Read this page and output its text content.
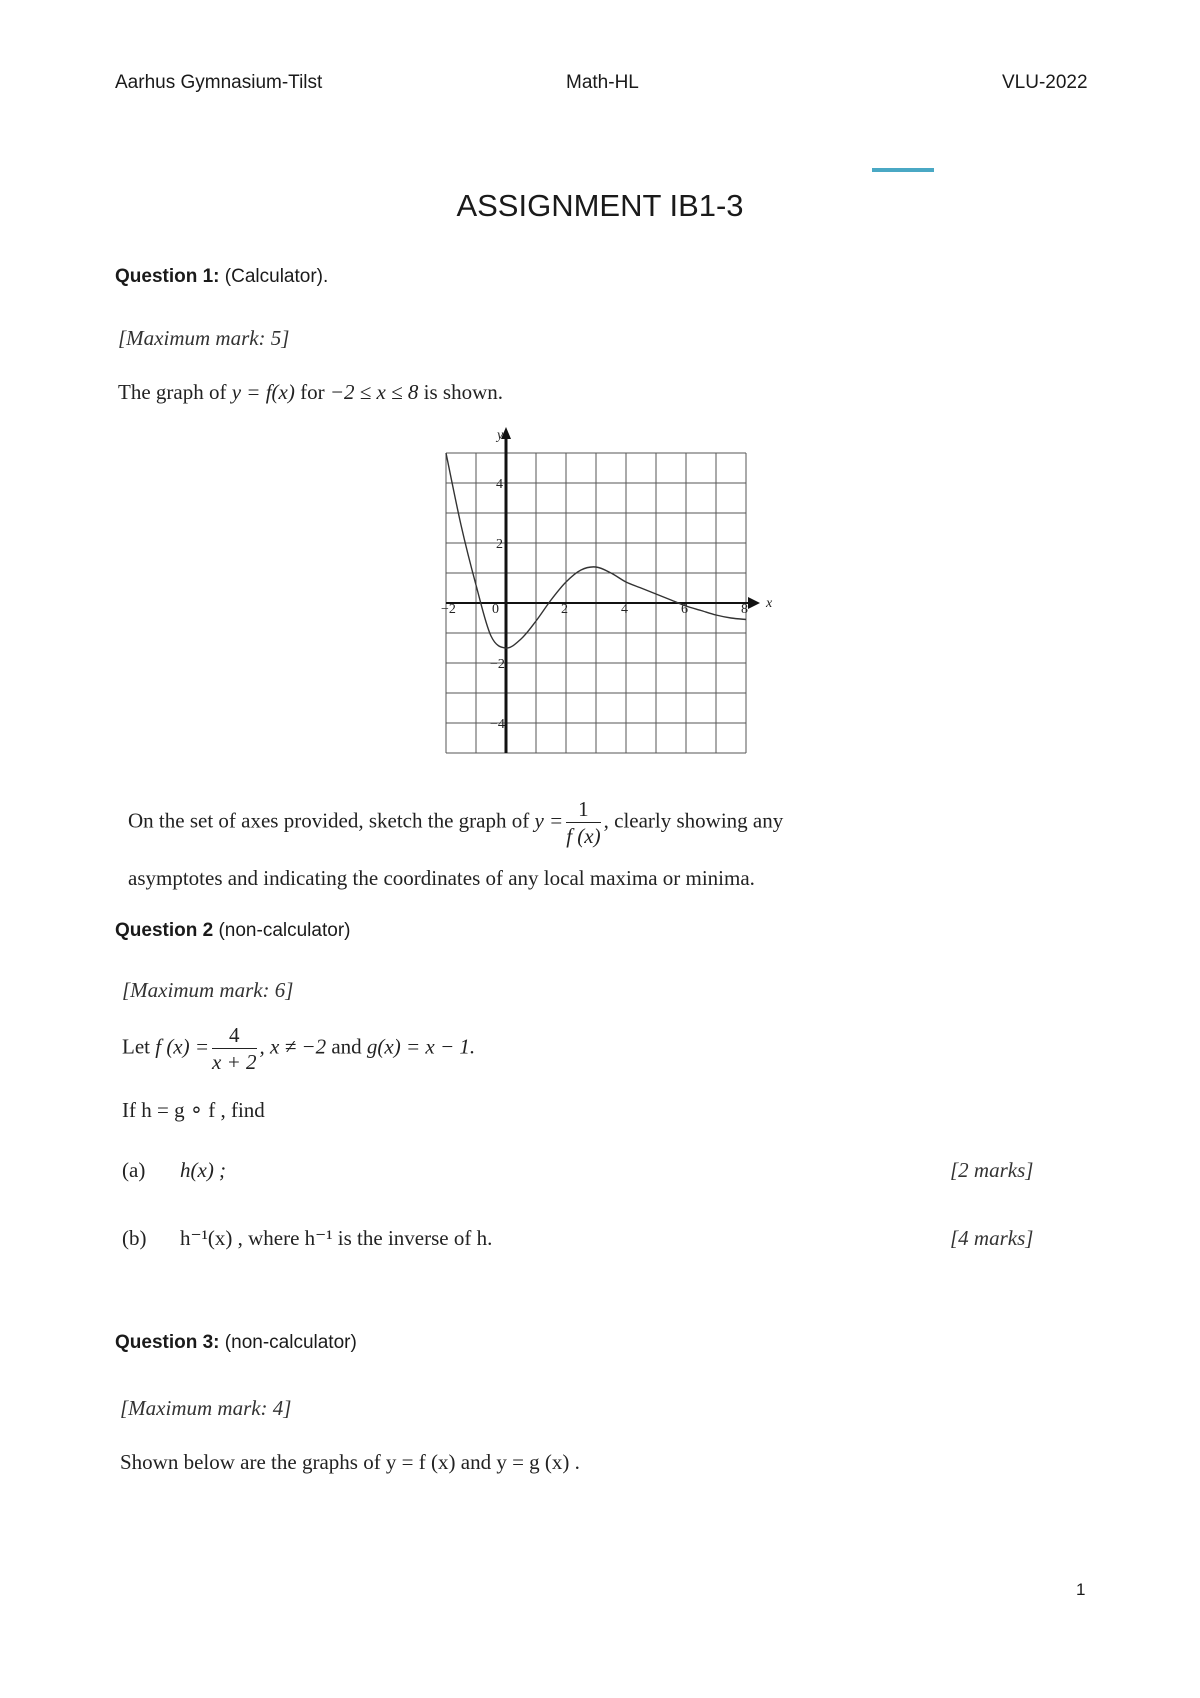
Aarhus Gymnasium-Tilst	Math-HL	VLU-2022
ASSIGNMENT IB1-3
Question 1: (Calculator).
[Maximum mark: 5]
The graph of y = f(x) for −2 ≤ x ≤ 8 is shown.
x
y
−2	0	2	4	6	8
4
2
−2
−4
On the set of axes provided, sketch the graph of $y = \frac{1}{f (x)}$ , clearly showing any
asymptotes and indicating the coordinates of any local maxima or minima.
Question 2 (non-calculator)
[Maximum mark: 6]
Let f $(x) = \frac{4}{x + 2}$ , x ≠ −2 and g(x) = x − 1.
If h = g ∘ f , find
(a) h(x) ;	[2 marks]
(b) h⁻¹(x) , where h⁻¹ is the inverse of h.	[4 marks]
Question 3: (non-calculator)
[Maximum mark: 4]
Shown below are the graphs of y = f (x) and y = g (x) .
1
